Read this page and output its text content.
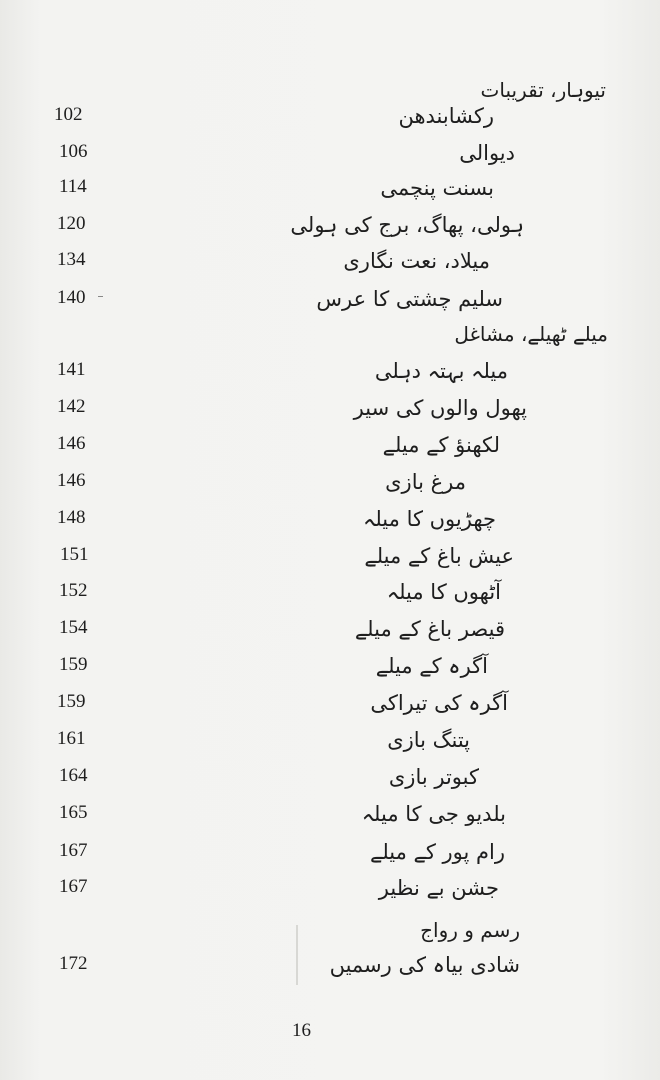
تیوہار، تقریبات
رکشابندھن
102
دیوالی
106
بسنت پنچمی
114
ہولی، پھاگ، برج کی ہولی
120
میلاد، نعت نگاری
134
سلیم چشتی کا عرس
140
میلے ٹھیلے، مشاغل
میلہ بہتہ دہلی
141
پھول والوں کی سیر
142
لکھنؤ کے میلے
146
مرغ بازی
146
چھڑیوں کا میلہ
148
عیش باغ کے میلے
151
آٹھوں کا میلہ
152
قیصر باغ کے میلے
154
آگرہ کے میلے
159
آگرہ کی تیراکی
159
پتنگ بازی
161
کبوتر بازی
164
بلدیو جی کا میلہ
165
رام پور کے میلے
167
جشن بے نظیر
167
رسم و رواج
شادی بیاہ کی رسمیں
172
16
